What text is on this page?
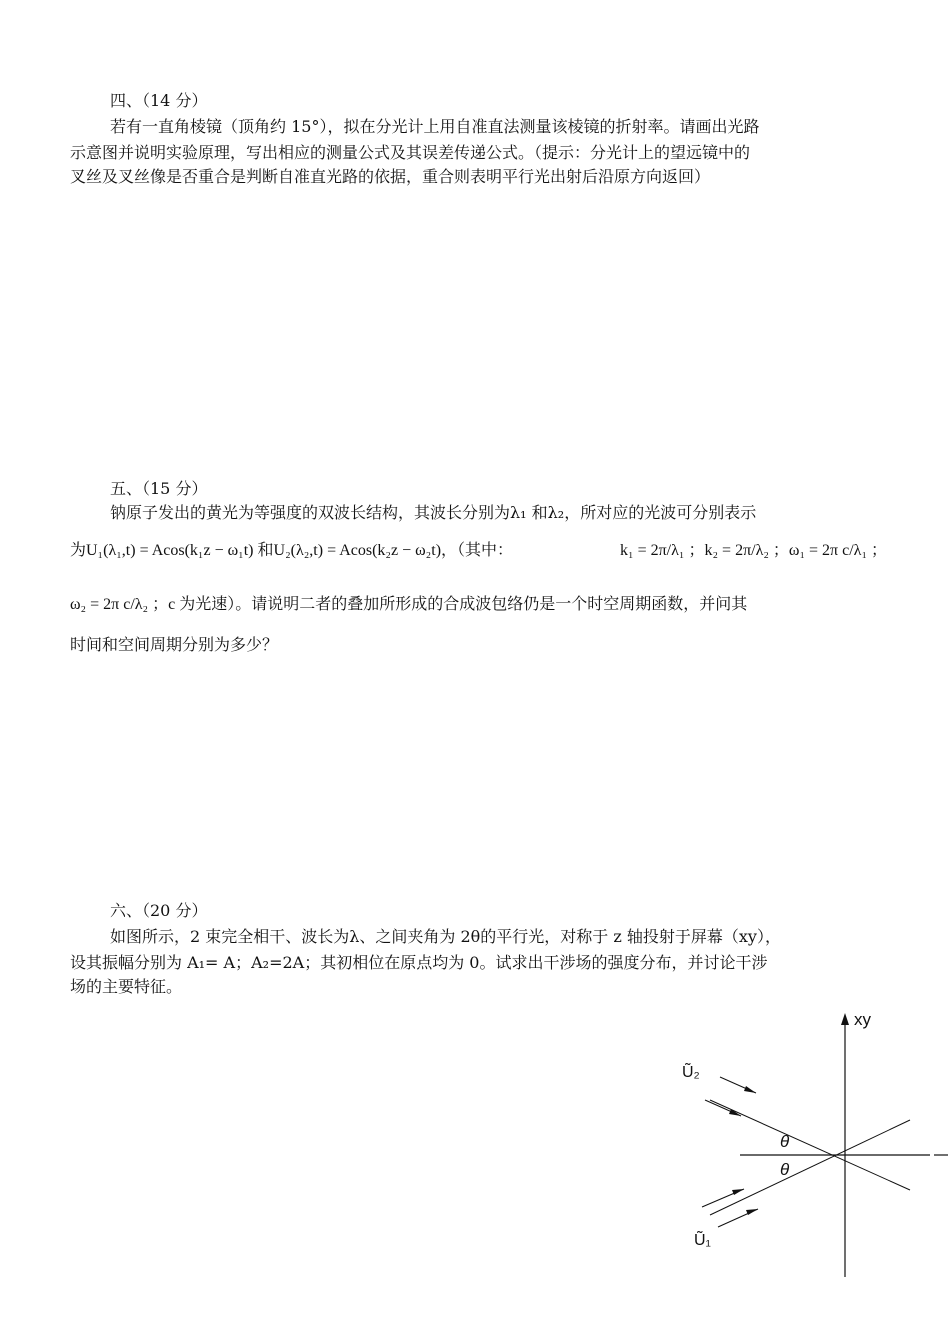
四、（14 分）
若有一直角棱镜（顶角约 15°），拟在分光计上用自准直法测量该棱镜的折射率。请画出光路
示意图并说明实验原理，写出相应的测量公式及其误差传递公式。（提示：分光计上的望远镜中的
叉丝及叉丝像是否重合是判断自准直光路的依据，重合则表明平行光出射后沿原方向返回）
五、（15 分）
钠原子发出的黄光为等强度的双波长结构，其波长分别为λ₁ 和λ₂，所对应的光波可分别表示
为U₁(λ₁,t) = Acos(k₁z − ω₁t) 和U₂(λ₂,t) = Acos(k₂z − ω₂t)，（其中：	k₁ = 2π/λ₁ ；k₂ = 2π/λ₂ ；ω₁ = 2π c/λ₁ ；
ω₂ = 2π c/λ₂ ；c 为光速）。请说明二者的叠加所形成的合成波包络仍是一个时空周期函数，并问其
时间和空间周期分别为多少？
六、（20 分）
如图所示，2 束完全相干、波长为λ、之间夹角为 2θ的平行光，对称于 z 轴投射于屏幕（xy），
设其振幅分别为 A₁= A；A₂=2A；其初相位在原点均为 0。试求出干涉场的强度分布，并讨论干涉
场的主要特征。
xy
Ũ₂
Ũ₁
θ
θ
